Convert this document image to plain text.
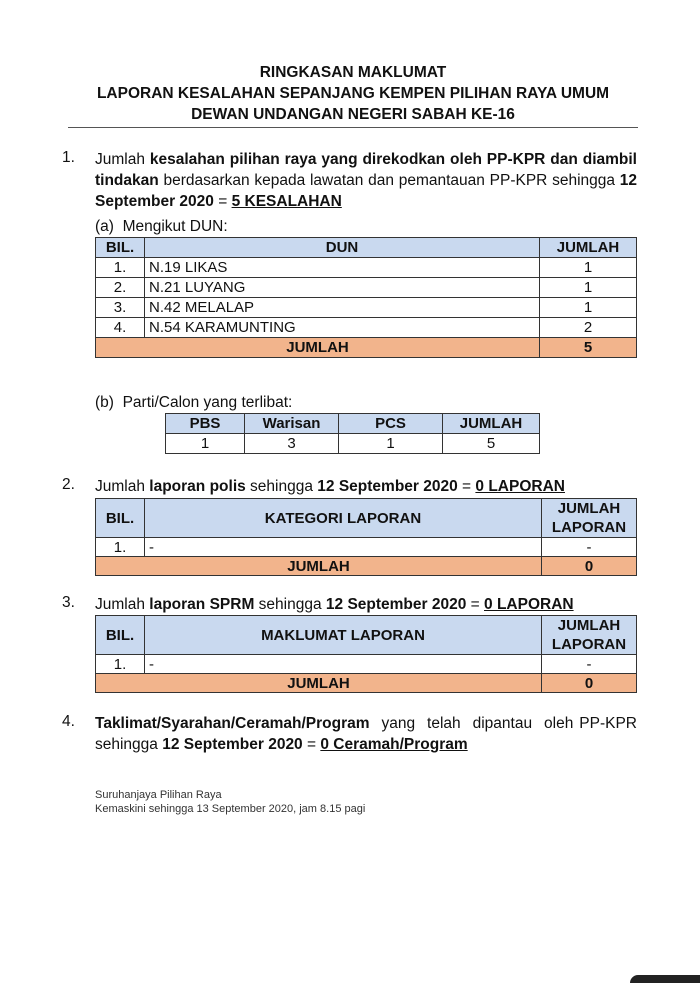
RINGKASAN MAKLUMAT
LAPORAN KESALAHAN SEPANJANG KEMPEN PILIHAN RAYA UMUM
DEWAN UNDANGAN NEGERI SABAH KE-16
1. Jumlah kesalahan pilihan raya yang direkodkan oleh PP-KPR dan diambil tindakan berdasarkan kepada lawatan dan pemantauan PP-KPR sehingga 12 September 2020 = 5 KESALAHAN
(a) Mengikut DUN:
BIL.	DUN	JUMLAH
1.	N.19 LIKAS	1
2.	N.21 LUYANG	1
3.	N.42 MELALAP	1
4.	N.54 KARAMUNTING	2
JUMLAH		5
(b) Parti/Calon yang terlibat:
PBS	Warisan	PCS	JUMLAH
1	3	1	5
2. Jumlah laporan polis sehingga 12 September 2020 = 0 LAPORAN
BIL.	KATEGORI LAPORAN	JUMLAH LAPORAN
1.	-	-
JUMLAH		0
3. Jumlah laporan SPRM sehingga 12 September 2020 = 0 LAPORAN
BIL.	MAKLUMAT LAPORAN	JUMLAH LAPORAN
1.	-	-
JUMLAH		0
4. Taklimat/Syarahan/Ceramah/Program  yang  telah  dipantau  oleh PP-KPR sehingga 12 September 2020 = 0 Ceramah/Program
Suruhanjaya Pilihan Raya
Kemaskini sehingga 13 September 2020, jam 8.15 pagi
